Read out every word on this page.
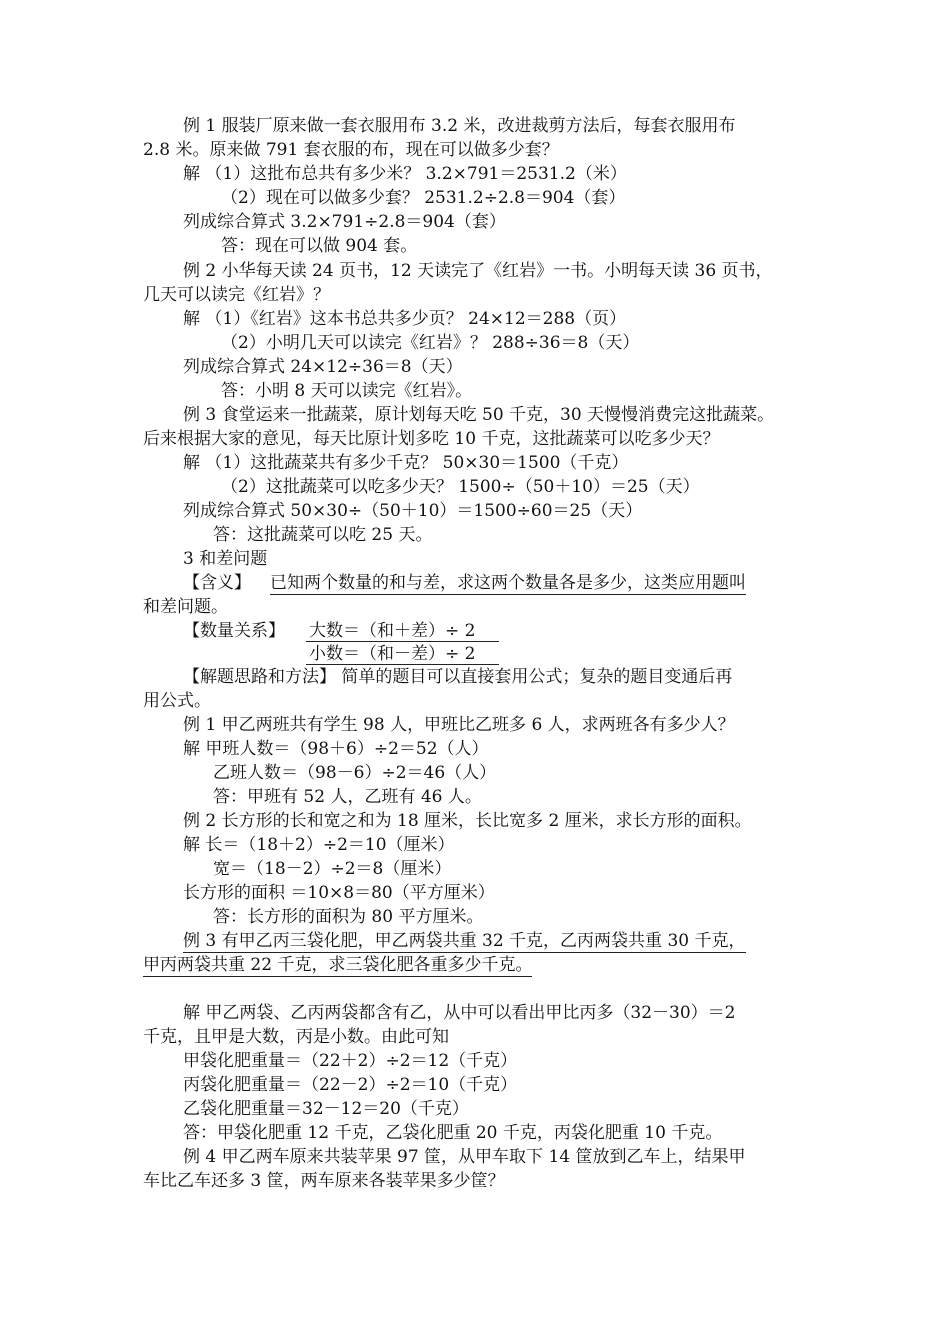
例 1 服装厂原来做一套衣服用布 3.2 米，改进裁剪方法后，每套衣服用布
2.8 米。原来做 791 套衣服的布，现在可以做多少套？
解 （1）这批布总共有多少米？ 3.2×791＝2531.2（米）
（2）现在可以做多少套？ 2531.2÷2.8＝904（套）
列成综合算式 3.2×791÷2.8＝904（套）
答：现在可以做 904 套。
例 2 小华每天读 24 页书，12 天读完了《红岩》一书。小明每天读 36 页书，
几天可以读完《红岩》？
解 （1）《红岩》这本书总共多少页？ 24×12＝288（页）
（2）小明几天可以读完《红岩》？ 288÷36＝8（天）
列成综合算式 24×12÷36＝8（天）
答：小明 8 天可以读完《红岩》。
例 3 食堂运来一批蔬菜，原计划每天吃 50 千克，30 天慢慢消费完这批蔬菜。
后来根据大家的意见，每天比原计划多吃 10 千克，这批蔬菜可以吃多少天？
解 （1）这批蔬菜共有多少千克？ 50×30＝1500（千克）
（2）这批蔬菜可以吃多少天？ 1500÷（50＋10）＝25（天）
列成综合算式 50×30÷（50＋10）＝1500÷60＝25（天）
答：这批蔬菜可以吃 25 天。
3 和差问题
【含义】 已知两个数量的和与差，求这两个数量各是多少，这类应用题叫
和差问题。
【数量关系】 大数＝（和＋差）÷ 2
小数＝（和－差）÷ 2
【解题思路和方法】 简单的题目可以直接套用公式；复杂的题目变通后再
用公式。
例 1 甲乙两班共有学生 98 人，甲班比乙班多 6 人，求两班各有多少人？
解 甲班人数＝（98＋6）÷2＝52（人）
乙班人数＝（98－6）÷2＝46（人）
答：甲班有 52 人，乙班有 46 人。
例 2 长方形的长和宽之和为 18 厘米，长比宽多 2 厘米，求长方形的面积。
解 长＝（18＋2）÷2＝10（厘米）
宽＝（18－2）÷2＝8（厘米）
长方形的面积 ＝10×8＝80（平方厘米）
答：长方形的面积为 80 平方厘米。
例 3 有甲乙丙三袋化肥，甲乙两袋共重 32 千克，乙丙两袋共重 30 千克，
甲丙两袋共重 22 千克，求三袋化肥各重多少千克。
解 甲乙两袋、乙丙两袋都含有乙，从中可以看出甲比丙多（32－30）＝2
千克，且甲是大数，丙是小数。由此可知
甲袋化肥重量＝（22＋2）÷2＝12（千克）
丙袋化肥重量＝（22－2）÷2＝10（千克）
乙袋化肥重量＝32－12＝20（千克）
答：甲袋化肥重 12 千克，乙袋化肥重 20 千克，丙袋化肥重 10 千克。
例 4 甲乙两车原来共装苹果 97 筐，从甲车取下 14 筐放到乙车上，结果甲
车比乙车还多 3 筐，两车原来各装苹果多少筐？
